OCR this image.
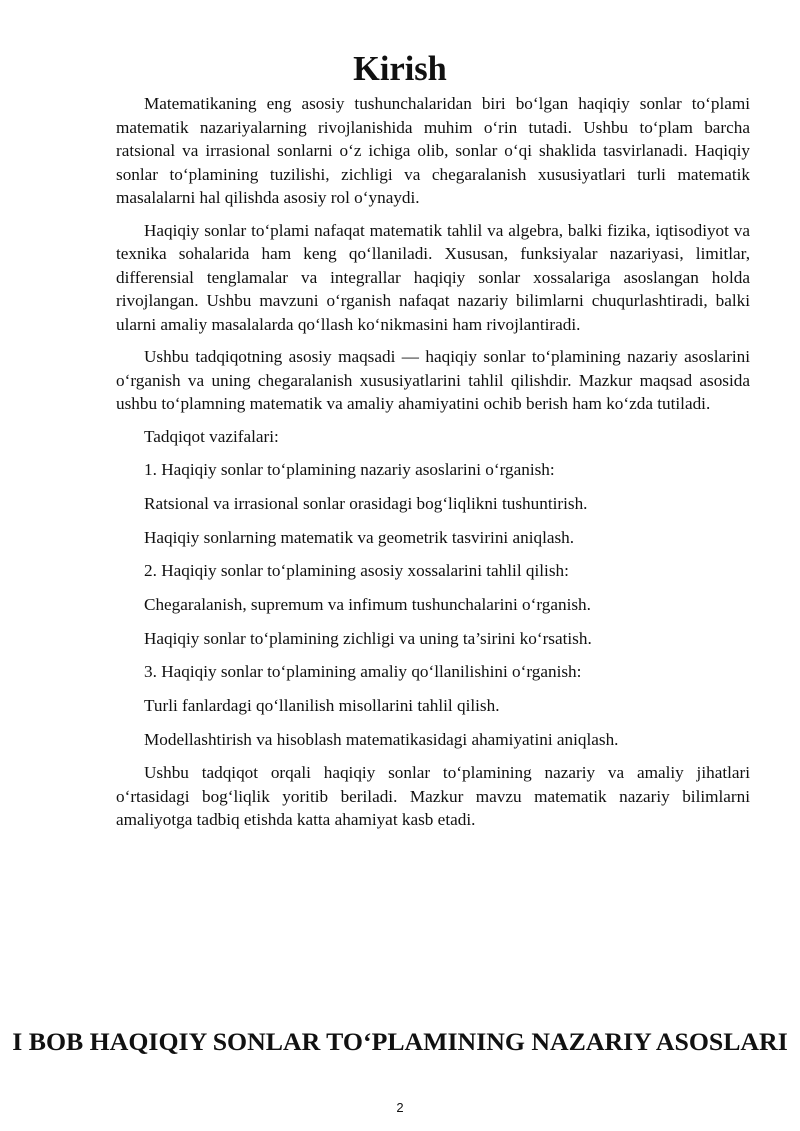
Kirish

Matematikaning eng asosiy tushunchalaridan biri bo‘lgan haqiqiy sonlar to‘plami matematik nazariyalarning rivojlanishida muhim o‘rin tutadi. Ushbu to‘plam barcha ratsional va irrasional sonlarni o‘z ichiga olib, sonlar o‘qi shaklida tasvirlanadi. Haqiqiy sonlar to‘plamining tuzilishi, zichligi va chegaralanish xususiyatlari turli matematik masalalarni hal qilishda asosiy rol o‘ynaydi.

Haqiqiy sonlar to‘plami nafaqat matematik tahlil va algebra, balki fizika, iqtisodiyot va texnika sohalarida ham keng qo‘llaniladi. Xususan, funksiyalar nazariyasi, limitlar, differensial tenglamalar va integrallar haqiqiy sonlar xossalariga asoslangan holda rivojlangan. Ushbu mavzuni o‘rganish nafaqat nazariy bilimlarni chuqurlashtiradi, balki ularni amaliy masalalarda qo‘llash ko‘nikmasini ham rivojlantiradi.

Ushbu tadqiqotning asosiy maqsadi — haqiqiy sonlar to‘plamining nazariy asoslarini o‘rganish va uning chegaralanish xususiyatlarini tahlil qilishdir. Mazkur maqsad asosida ushbu to‘plamning matematik va amaliy ahamiyatini ochib berish ham ko‘zda tutiladi.

Tadqiqot vazifalari:

1. Haqiqiy sonlar to‘plamining nazariy asoslarini o‘rganish:

Ratsional va irrasional sonlar orasidagi bog‘liqlikni tushuntirish.

Haqiqiy sonlarning matematik va geometrik tasvirini aniqlash.

2. Haqiqiy sonlar to‘plamining asosiy xossalarini tahlil qilish:

Chegaralanish, supremum va infimum tushunchalarini o‘rganish.

Haqiqiy sonlar to‘plamining zichligi va uning ta’sirini ko‘rsatish.

3. Haqiqiy sonlar to‘plamining amaliy qo‘llanilishini o‘rganish:

Turli fanlardagi qo‘llanilish misollarini tahlil qilish.

Modellashtirish va hisoblash matematikasidagi ahamiyatini aniqlash.

Ushbu tadqiqot orqali haqiqiy sonlar to‘plamining nazariy va amaliy jihatlari o‘rtasidagi bog‘liqlik yoritib beriladi. Mazkur mavzu matematik nazariy bilimlarni amaliyotga tadbiq etishda katta ahamiyat kasb etadi.

I BOB HAQIQIY SONLAR TO‘PLAMINING NAZARIY ASOSLARI
2
